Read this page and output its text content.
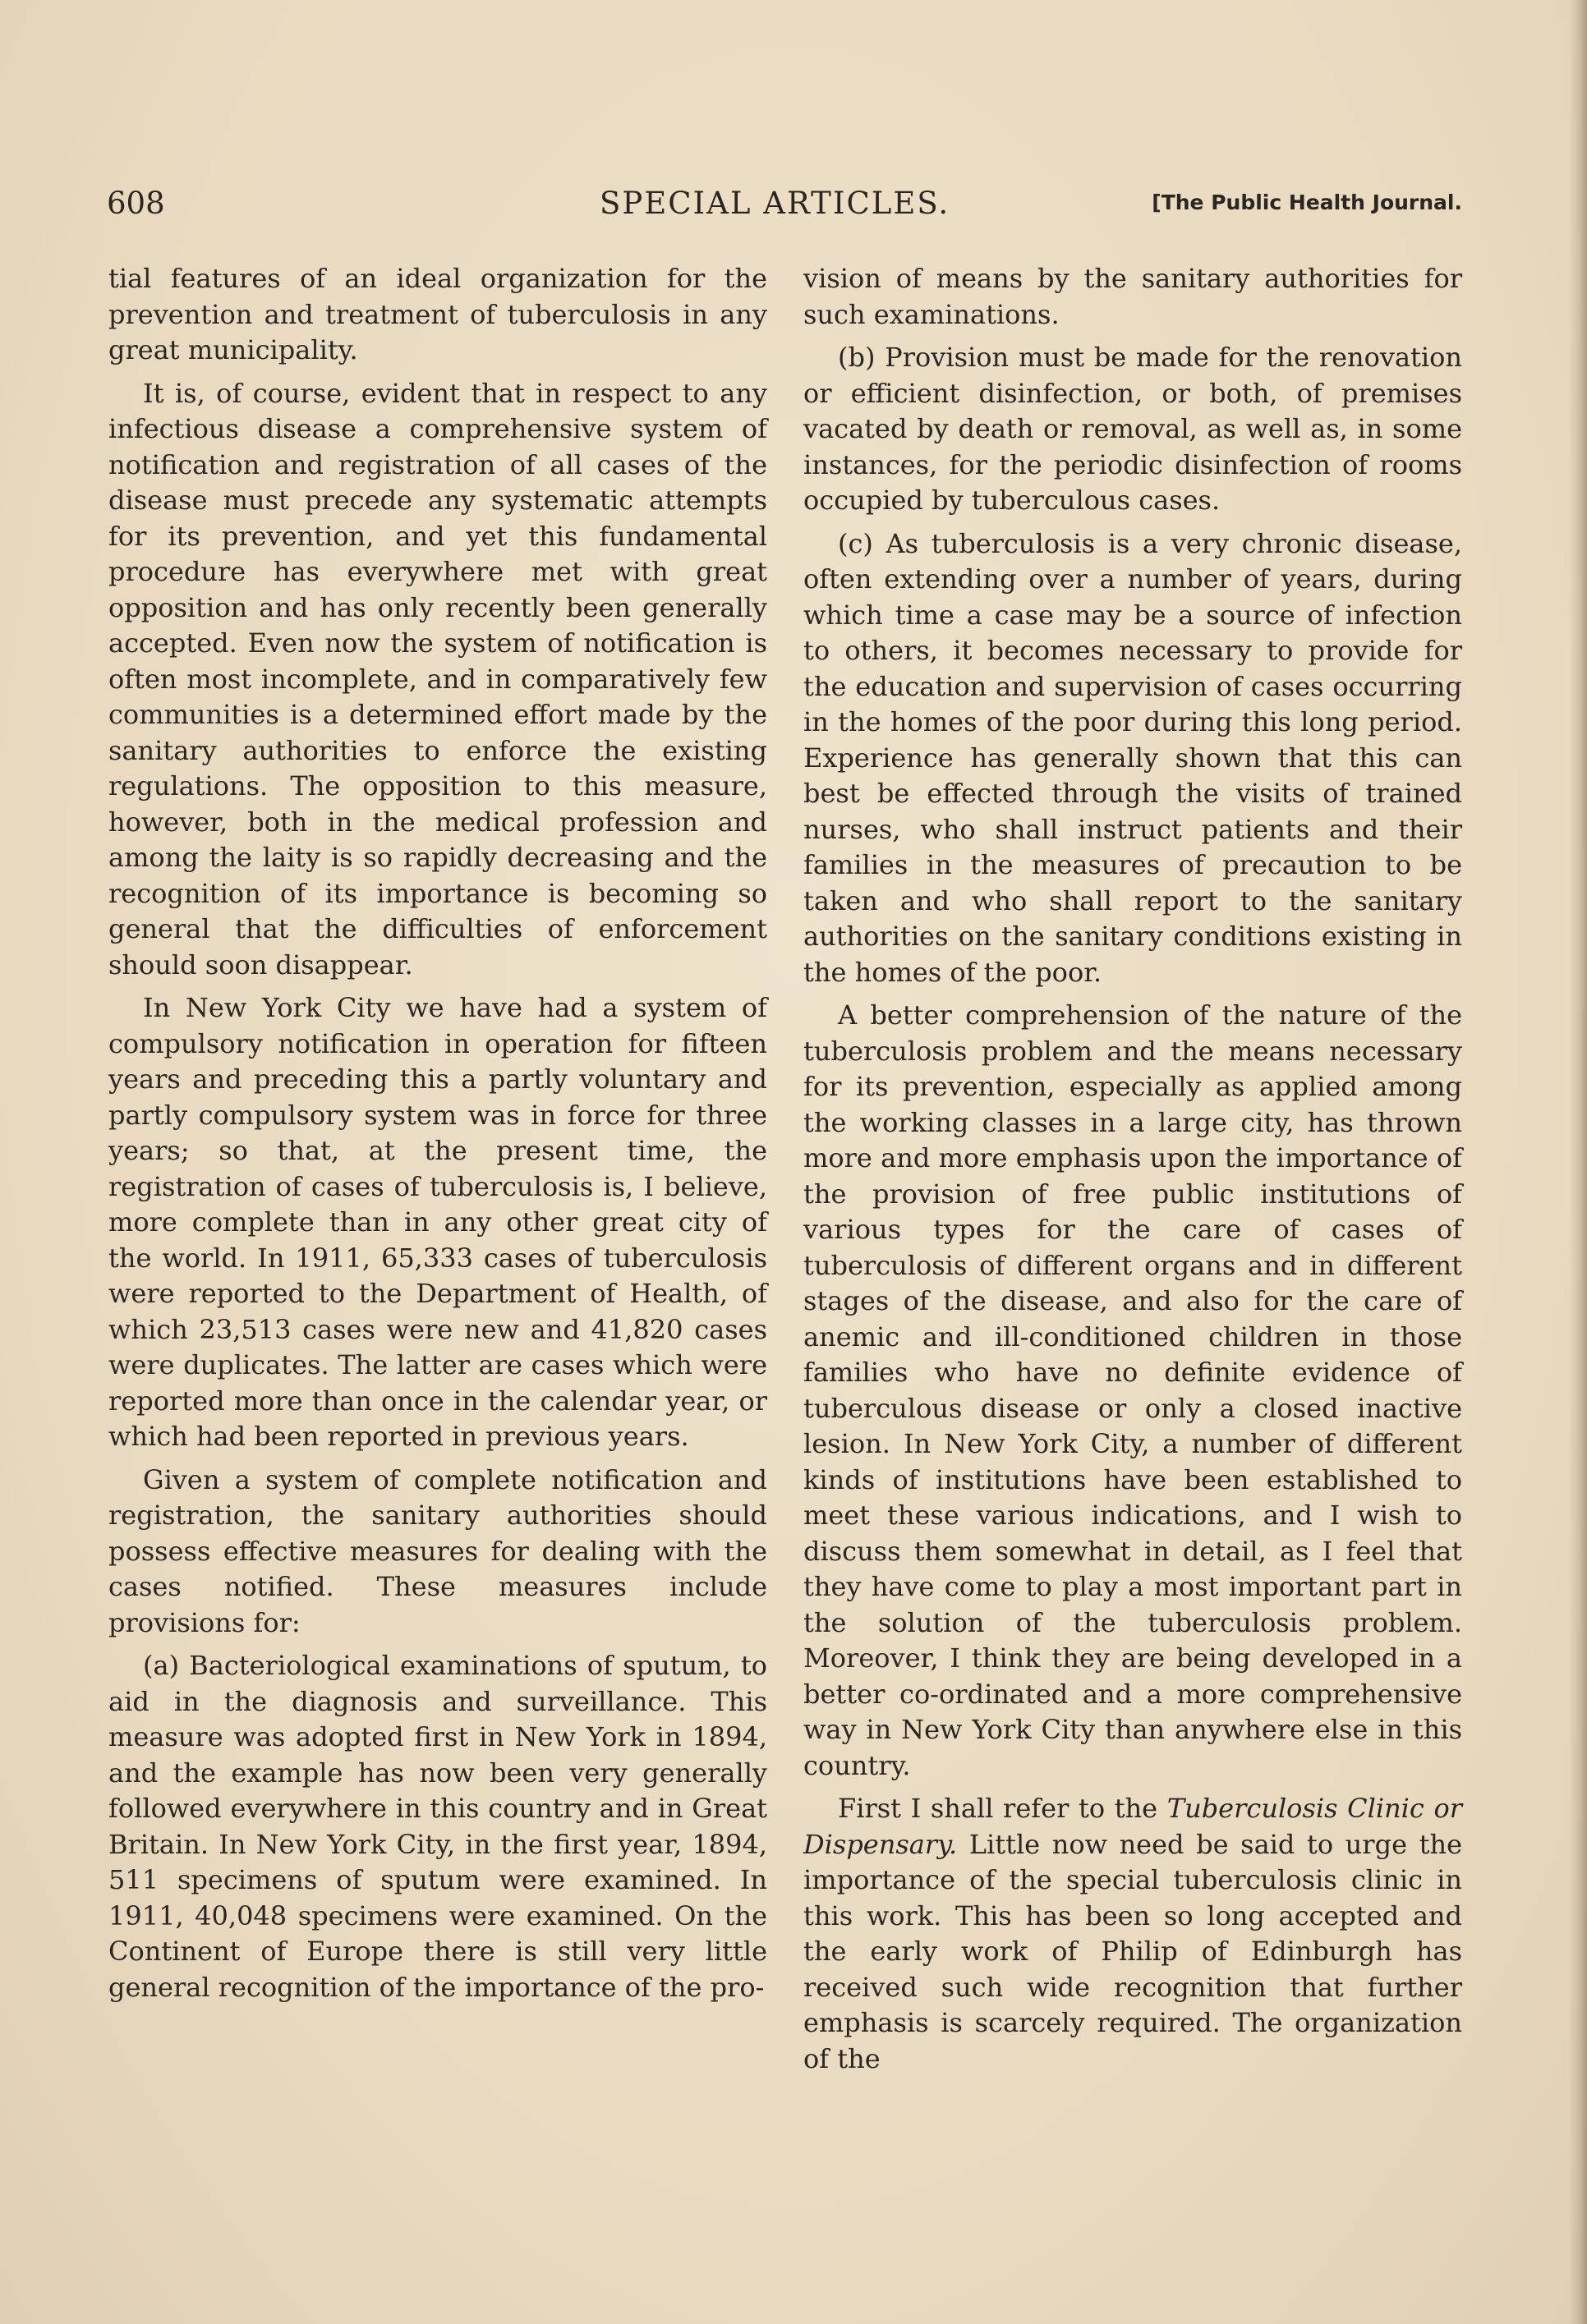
608	SPECIAL ARTICLES.	[The Public Health Journal.

tial features of an ideal organization for the prevention and treatment of tuberculosis in any great municipality.

It is, of course, evident that in respect to any infectious disease a comprehensive system of notification and registration of all cases of the disease must precede any systematic attempts for its prevention, and yet this fundamental procedure has everywhere met with great opposition and has only recently been generally accepted. Even now the system of notification is often most incomplete, and in comparatively few communities is a determined effort made by the sanitary authorities to enforce the existing regulations. The opposition to this measure, however, both in the medical profession and among the laity is so rapidly decreasing and the recognition of its importance is becoming so general that the difficulties of enforcement should soon disappear.

In New York City we have had a system of compulsory notification in operation for fifteen years and preceding this a partly voluntary and partly compulsory system was in force for three years; so that, at the present time, the registration of cases of tuberculosis is, I believe, more complete than in any other great city of the world. In 1911, 65,333 cases of tuberculosis were reported to the Department of Health, of which 23,513 cases were new and 41,820 cases were duplicates. The latter are cases which were reported more than once in the calendar year, or which had been reported in previous years.

Given a system of complete notification and registration, the sanitary authorities should possess effective measures for dealing with the cases notified. These measures include provisions for:

(a) Bacteriological examinations of sputum, to aid in the diagnosis and surveillance. This measure was adopted first in New York in 1894, and the example has now been very generally followed everywhere in this country and in Great Britain. In New York City, in the first year, 1894, 511 specimens of sputum were examined. In 1911, 40,048 specimens were examined. On the Continent of Europe there is still very little general recognition of the importance of the pro-

vision of means by the sanitary authorities for such examinations.

(b) Provision must be made for the renovation or efficient disinfection, or both, of premises vacated by death or removal, as well as, in some instances, for the periodic disinfection of rooms occupied by tuberculous cases.

(c) As tuberculosis is a very chronic disease, often extending over a number of years, during which time a case may be a source of infection to others, it becomes necessary to provide for the education and supervision of cases occurring in the homes of the poor during this long period. Experience has generally shown that this can best be effected through the visits of trained nurses, who shall instruct patients and their families in the measures of precaution to be taken and who shall report to the sanitary authorities on the sanitary conditions existing in the homes of the poor.

A better comprehension of the nature of the tuberculosis problem and the means necessary for its prevention, especially as applied among the working classes in a large city, has thrown more and more emphasis upon the importance of the provision of free public institutions of various types for the care of cases of tuberculosis of different organs and in different stages of the disease, and also for the care of anemic and ill-conditioned children in those families who have no definite evidence of tuberculous disease or only a closed inactive lesion. In New York City, a number of different kinds of institutions have been established to meet these various indications, and I wish to discuss them somewhat in detail, as I feel that they have come to play a most important part in the solution of the tuberculosis problem. Moreover, I think they are being developed in a better co-ordinated and a more comprehensive way in New York City than anywhere else in this country.

First I shall refer to the Tuberculosis Clinic or Dispensary. Little now need be said to urge the importance of the special tuberculosis clinic in this work. This has been so long accepted and the early work of Philip of Edinburgh has received such wide recognition that further emphasis is scarcely required. The organization of the
